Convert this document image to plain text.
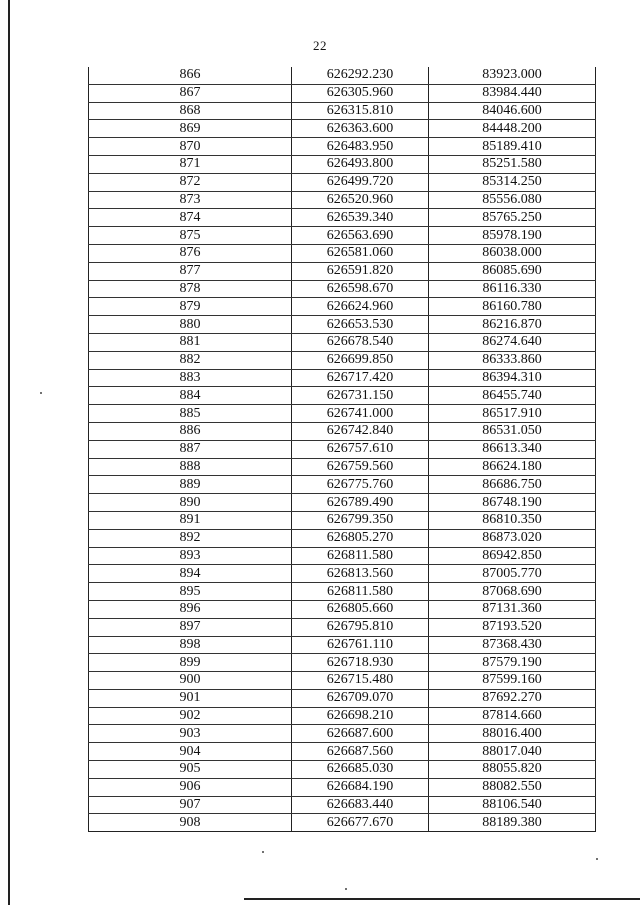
22
866	626292.230	83923.000
867	626305.960	83984.440
868	626315.810	84046.600
869	626363.600	84448.200
870	626483.950	85189.410
871	626493.800	85251.580
872	626499.720	85314.250
873	626520.960	85556.080
874	626539.340	85765.250
875	626563.690	85978.190
876	626581.060	86038.000
877	626591.820	86085.690
878	626598.670	86116.330
879	626624.960	86160.780
880	626653.530	86216.870
881	626678.540	86274.640
882	626699.850	86333.860
883	626717.420	86394.310
884	626731.150	86455.740
885	626741.000	86517.910
886	626742.840	86531.050
887	626757.610	86613.340
888	626759.560	86624.180
889	626775.760	86686.750
890	626789.490	86748.190
891	626799.350	86810.350
892	626805.270	86873.020
893	626811.580	86942.850
894	626813.560	87005.770
895	626811.580	87068.690
896	626805.660	87131.360
897	626795.810	87193.520
898	626761.110	87368.430
899	626718.930	87579.190
900	626715.480	87599.160
901	626709.070	87692.270
902	626698.210	87814.660
903	626687.600	88016.400
904	626687.560	88017.040
905	626685.030	88055.820
906	626684.190	88082.550
907	626683.440	88106.540
908	626677.670	88189.380
